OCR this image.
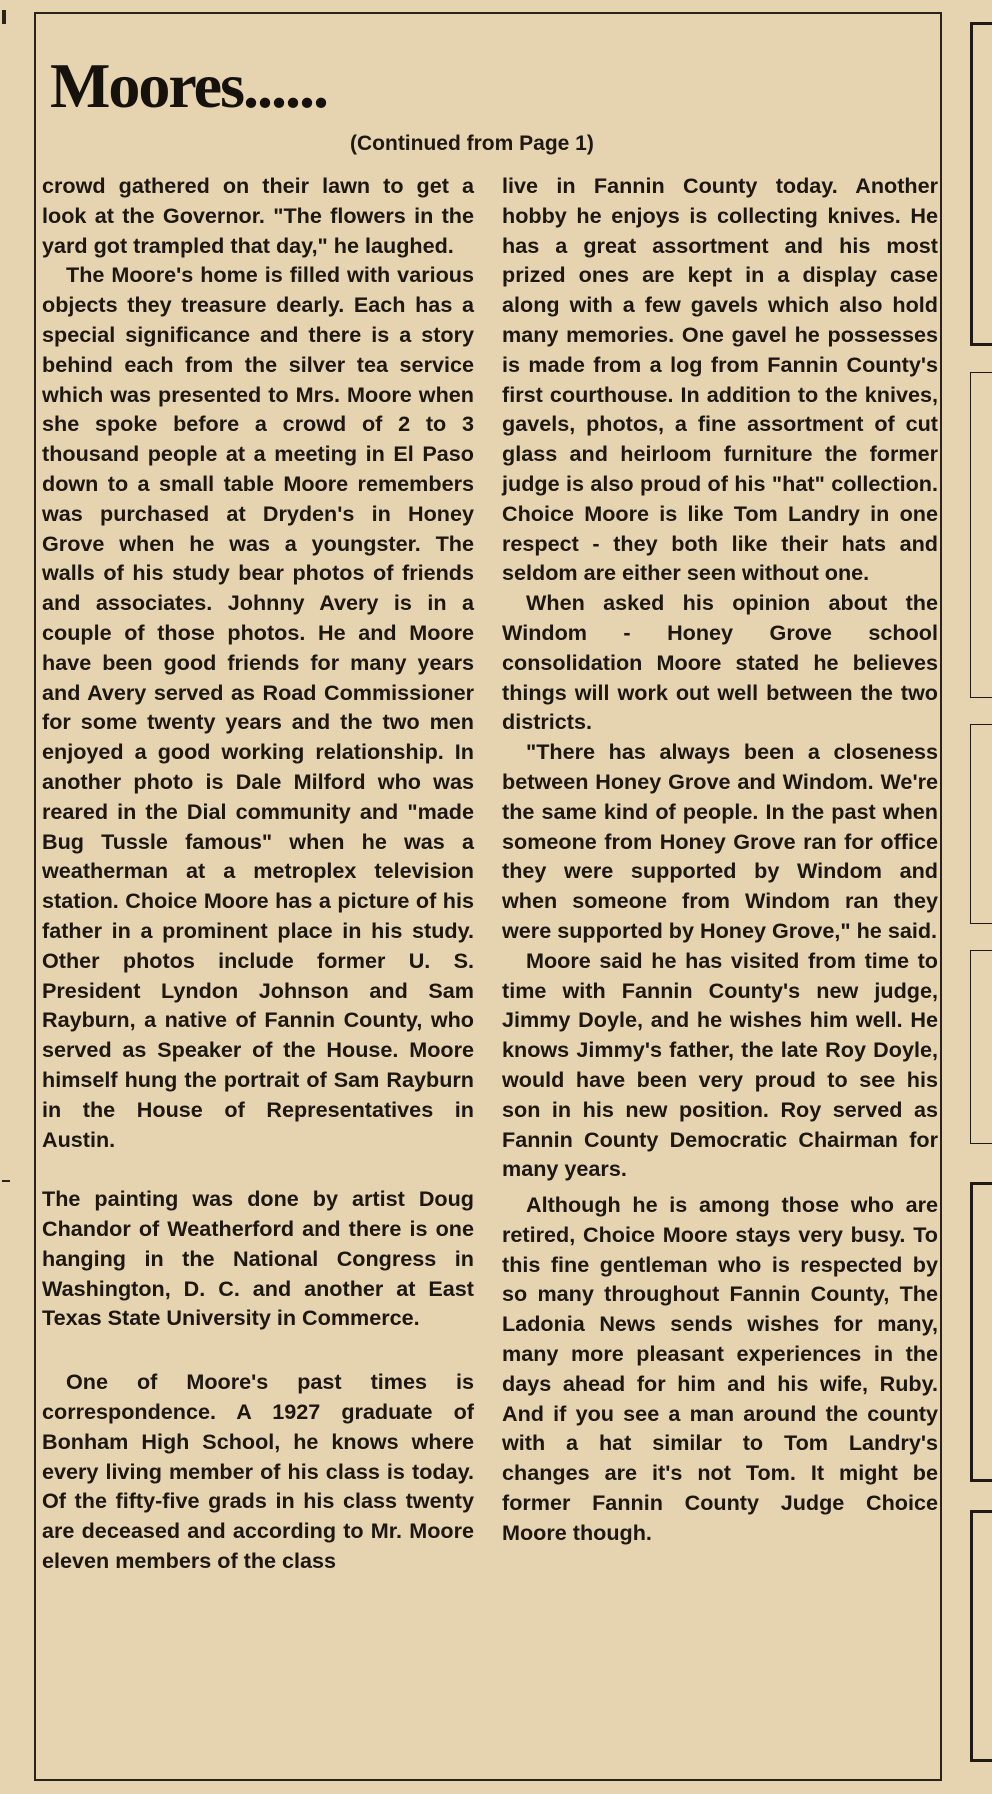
Moores......
(Continued from Page 1)

crowd gathered on their lawn to get a look at the Governor. "The flowers in the yard got trampled that day," he laughed.

The Moore's home is filled with various objects they treasure dearly. Each has a special significance and there is a story behind each from the silver tea service which was presented to Mrs. Moore when she spoke before a crowd of 2 to 3 thousand people at a meeting in El Paso down to a small table Moore remembers was purchased at Dryden's in Honey Grove when he was a youngster. The walls of his study bear photos of friends and associates. Johnny Avery is in a couple of those photos. He and Moore have been good friends for many years and Avery served as Road Commissioner for some twenty years and the two men enjoyed a good working relationship. In another photo is Dale Milford who was reared in the Dial community and "made Bug Tussle famous" when he was a weatherman at a metroplex television station. Choice Moore has a picture of his father in a prominent place in his study. Other photos include former U. S. President Lyndon Johnson and Sam Rayburn, a native of Fannin County, who served as Speaker of the House. Moore himself hung the portrait of Sam Rayburn in the House of Representatives in Austin.

The painting was done by artist Doug Chandor of Weatherford and there is one hanging in the National Congress in Washington, D. C. and another at East Texas State University in Commerce.

One of Moore's past times is correspondence. A 1927 graduate of Bonham High School, he knows where every living member of his class is today. Of the fifty-five grads in his class twenty are deceased and according to Mr. Moore eleven members of the class

live in Fannin County today. Another hobby he enjoys is collecting knives. He has a great assortment and his most prized ones are kept in a display case along with a few gavels which also hold many memories. One gavel he possesses is made from a log from Fannin County's first courthouse. In addition to the knives, gavels, photos, a fine assortment of cut glass and heirloom furniture the former judge is also proud of his "hat" collection. Choice Moore is like Tom Landry in one respect - they both like their hats and seldom are either seen without one.

When asked his opinion about the Windom - Honey Grove school consolidation Moore stated he believes things will work out well between the two districts.

"There has always been a closeness between Honey Grove and Windom. We're the same kind of people. In the past when someone from Honey Grove ran for office they were supported by Windom and when someone from Windom ran they were supported by Honey Grove," he said.

Moore said he has visited from time to time with Fannin County's new judge, Jimmy Doyle, and he wishes him well. He knows Jimmy's father, the late Roy Doyle, would have been very proud to see his son in his new position. Roy served as Fannin County Democratic Chairman for many years.

Although he is among those who are retired, Choice Moore stays very busy. To this fine gentleman who is respected by so many throughout Fannin County, The Ladonia News sends wishes for many, many more pleasant experiences in the days ahead for him and his wife, Ruby. And if you see a man around the county with a hat similar to Tom Landry's changes are it's not Tom. It might be former Fannin County Judge Choice Moore though.
